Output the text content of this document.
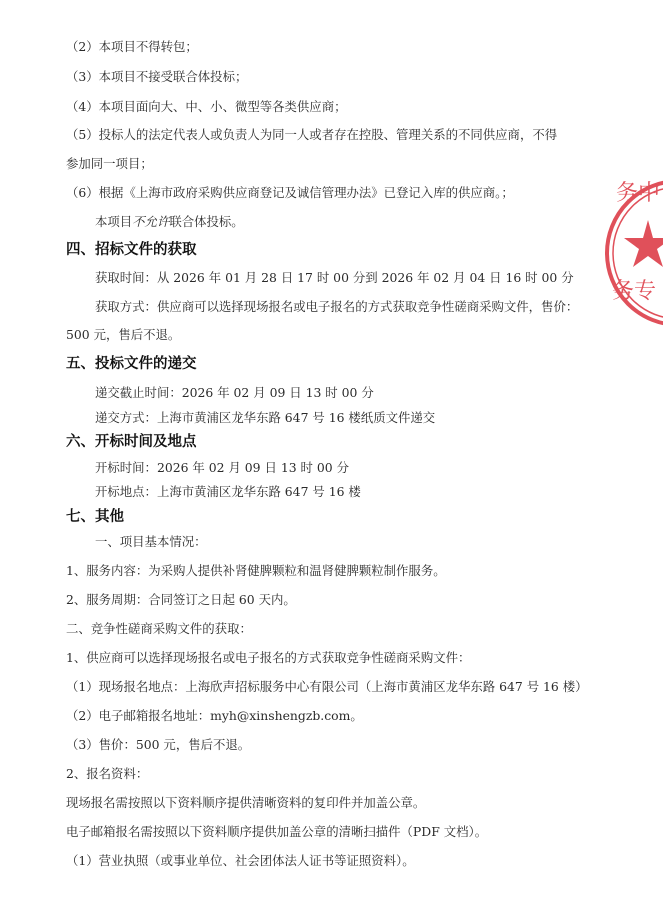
（2）本项目不得转包；
（3）本项目不接受联合体投标；
（4）本项目面向大、中、小、微型等各类供应商；
（5）投标人的法定代表人或负责人为同一人或者存在控股、管理关系的不同供应商，不得
参加同一项目；
（6）根据《上海市政府采购供应商登记及诚信管理办法》已登记入库的供应商。；
本项目不允许联合体投标。
四、招标文件的获取
获取时间：从 2026 年 01 月 28 日 17 时 00 分到 2026 年 02 月 04 日 16 时 00 分
获取方式：供应商可以选择现场报名或电子报名的方式获取竞争性磋商采购文件，售价：
500 元，售后不退。
五、投标文件的递交
递交截止时间：2026 年 02 月 09 日 13 时 00 分
递交方式：上海市黄浦区龙华东路 647 号 16 楼纸质文件递交
六、开标时间及地点
开标时间：2026 年 02 月 09 日 13 时 00 分
开标地点：上海市黄浦区龙华东路 647 号 16 楼
七、其他
一、项目基本情况：
1、服务内容：为采购人提供补肾健脾颗粒和温肾健脾颗粒制作服务。
2、服务周期：合同签订之日起 60 天内。
二、竞争性磋商采购文件的获取：
1、供应商可以选择现场报名或电子报名的方式获取竞争性磋商采购文件：
（1）现场报名地点：上海欣声招标服务中心有限公司（上海市黄浦区龙华东路 647 号 16 楼）
（2）电子邮箱报名地址：myh@xinshengzb.com。
（3）售价：500 元，售后不退。
2、报名资料：
现场报名需按照以下资料顺序提供清晰资料的复印件并加盖公章。
电子邮箱报名需按照以下资料顺序提供加盖公章的清晰扫描件（PDF 文档）。
（1）营业执照（或事业单位、社会团体法人证书等证照资料）。
务中
务专
